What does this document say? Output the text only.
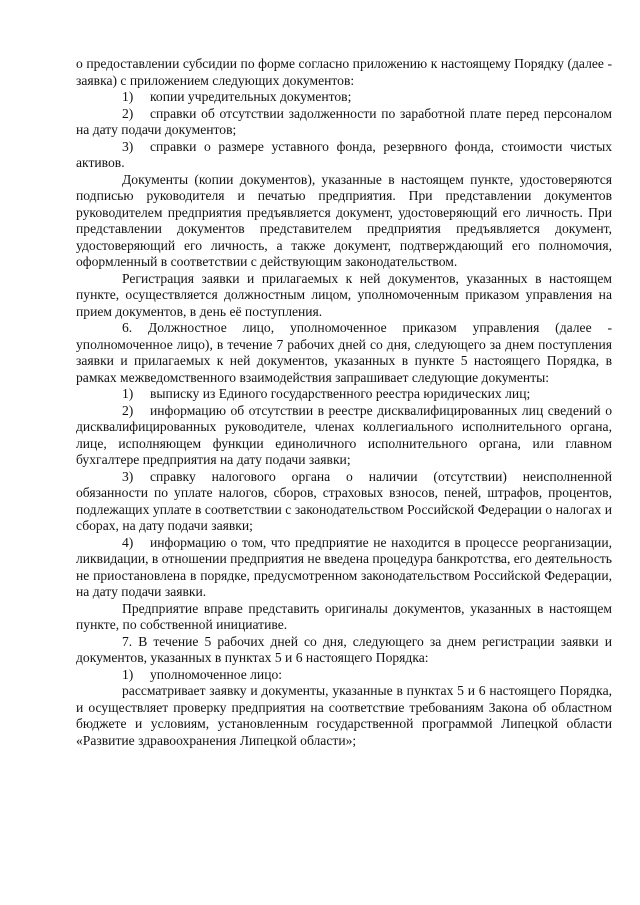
о предоставлении субсидии по форме согласно приложению к настоящему Порядку (далее - заявка) с приложением следующих документов:

1) копии учредительных документов;

2) справки об отсутствии задолженности по заработной плате перед персоналом на дату подачи документов;

3) справки о размере уставного фонда, резервного фонда, стоимости чистых активов.

Документы (копии документов), указанные в настоящем пункте, удостоверяются подписью руководителя и печатью предприятия. При представлении документов руководителем предприятия предъявляется документ, удостоверяющий его личность. При представлении документов представителем предприятия предъявляется документ, удостоверяющий его личность, а также документ, подтверждающий его полномочия, оформленный в соответствии с действующим законодательством.

Регистрация заявки и прилагаемых к ней документов, указанных в настоящем пункте, осуществляется должностным лицом, уполномоченным приказом управления на прием документов, в день её поступления.

6. Должностное лицо, уполномоченное приказом управления (далее - уполномоченное лицо), в течение 7 рабочих дней со дня, следующего за днем поступления заявки и прилагаемых к ней документов, указанных в пункте 5 настоящего Порядка, в рамках межведомственного взаимодействия запрашивает следующие документы:

1) выписку из Единого государственного реестра юридических лиц;

2) информацию об отсутствии в реестре дисквалифицированных лиц сведений о дисквалифицированных руководителе, членах коллегиального исполнительного органа, лице, исполняющем функции единоличного исполнительного органа, или главном бухгалтере предприятия на дату подачи заявки;

3) справку налогового органа о наличии (отсутствии) неисполненной обязанности по уплате налогов, сборов, страховых взносов, пеней, штрафов, процентов, подлежащих уплате в соответствии с законодательством Российской Федерации о налогах и сборах, на дату подачи заявки;

4) информацию о том, что предприятие не находится в процессе реорганизации, ликвидации, в отношении предприятия не введена процедура банкротства, его деятельность не приостановлена в порядке, предусмотренном законодательством Российской Федерации, на дату подачи заявки.

Предприятие вправе представить оригиналы документов, указанных в настоящем пункте, по собственной инициативе.

7. В течение 5 рабочих дней со дня, следующего за днем регистрации заявки и документов, указанных в пунктах 5 и 6 настоящего Порядка:

1) уполномоченное лицо:

рассматривает заявку и документы, указанные в пунктах 5 и 6 настоящего Порядка, и осуществляет проверку предприятия на соответствие требованиям Закона об областном бюджете и условиям, установленным государственной программой Липецкой области «Развитие здравоохранения Липецкой области»;
